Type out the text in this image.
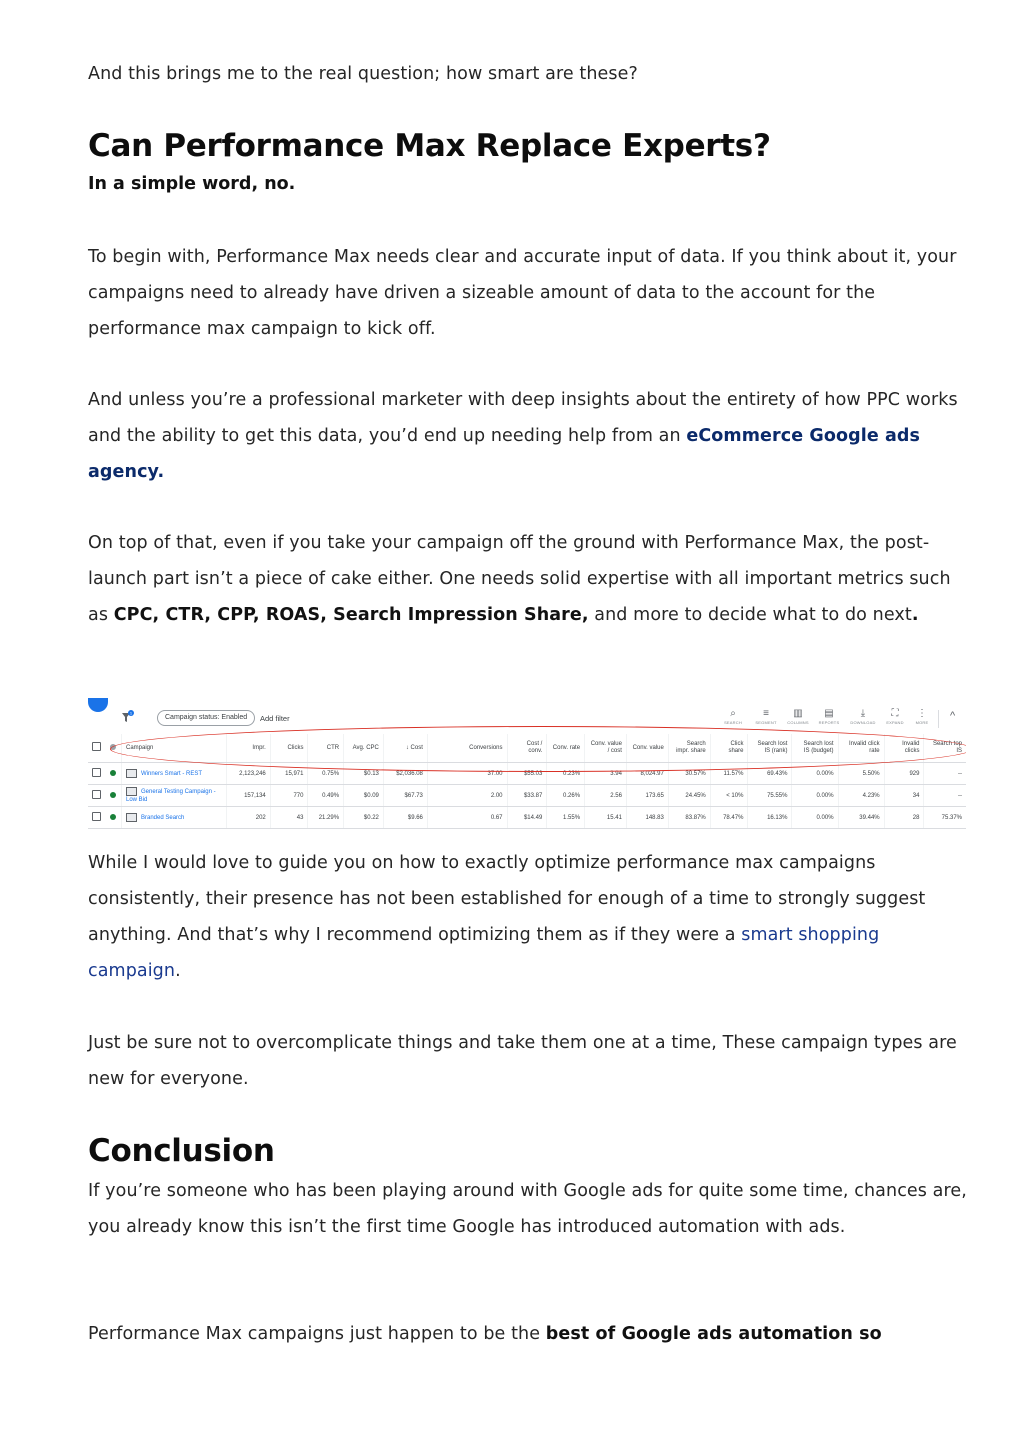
And this brings me to the real question; how smart are these?

Can Performance Max Replace Experts?

In a simple word, no.

To begin with, Performance Max needs clear and accurate input of data. If you think about it, your campaigns need to already have driven a sizeable amount of data to the account for the performance max campaign to kick off.

And unless you’re a professional marketer with deep insights about the entirety of how PPC works and the ability to get this data, you’d end up needing help from an eCommerce Google ads agency.

On top of that, even if you take your campaign off the ground with Performance Max, the post-launch part isn’t a piece of cake either. One needs solid expertise with all important metrics such as CPC, CTR, CPP, ROAS, Search Impression Share, and more to decide what to do next.

1
Campaign status: Enabled	Add filter	⌕
SEARCH
≡
SEGMENT
▥
COLUMNS
▤
REPORTS
⤓
DOWNLOAD
⛶
EXPAND
⋮
MORE
^
		Campaign	Impr.	Clicks	CTR	Avg. CPC	↓ Cost	Conversions	Cost / conv.	Conv. rate	Conv. value / cost	Conv. value	Search impr. share	Click share	Search lost IS (rank)	Search lost IS (budget)	Invalid click rate	Invalid clicks	Search top IS
		Winners Smart - REST	2,123,246	15,971	0.75%	$0.13	$2,036.08	37.00	$55.03	0.23%	3.94	8,024.97	30.57%	11.57%	69.43%	0.00%	5.50%	929	--
		General Testing Campaign - Low Bid	157,134	770	0.49%	$0.09	$67.73	2.00	$33.87	0.26%	2.56	173.65	24.45%	< 10%	75.55%	0.00%	4.23%	34	--
		Branded Search	202	43	21.29%	$0.22	$9.66	0.67	$14.49	1.55%	15.41	148.83	83.87%	78.47%	16.13%	0.00%	39.44%	28	75.37%

While I would love to guide you on how to exactly optimize performance max campaigns consistently, their presence has not been established for enough of a time to strongly suggest anything. And that’s why I recommend optimizing them as if they were a smart shopping campaign.

Just be sure not to overcomplicate things and take them one at a time, These campaign types are new for everyone.

Conclusion

If you’re someone who has been playing around with Google ads for quite some time, chances are, you already know this isn’t the first time Google has introduced automation with ads.

Performance Max campaigns just happen to be the best of Google ads automation so
